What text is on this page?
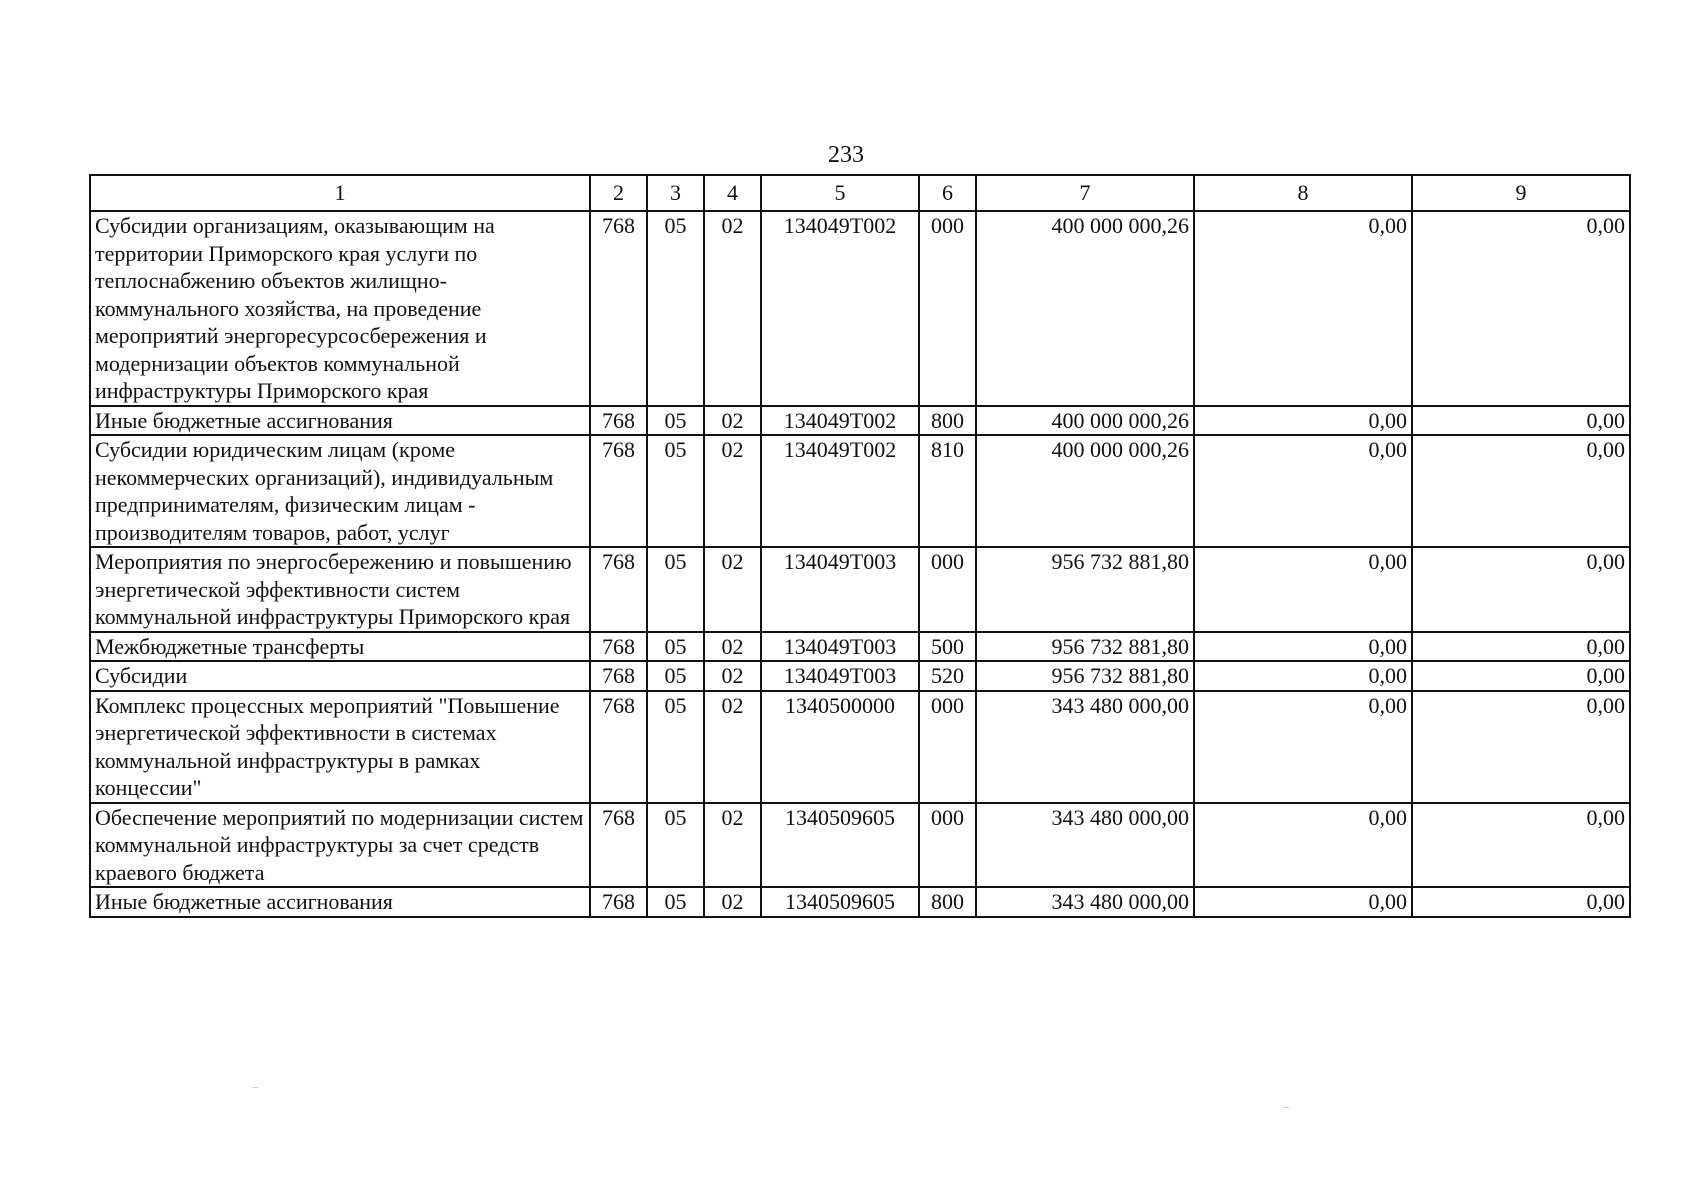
233
1	2	3	4	5	6	7	8	9
Субсидии организациям, оказывающим на территории Приморского края услуги по теплоснабжению объектов жилищно-коммунального хозяйства, на проведение мероприятий энергоресурсосбережения и модернизации объектов коммунальной инфраструктуры Приморского края	768	05	02	134049Т002	000	400 000 000,26	0,00	0,00
Иные бюджетные ассигнования	768	05	02	134049Т002	800	400 000 000,26	0,00	0,00
Субсидии юридическим лицам (кроме некоммерческих организаций), индивидуальным предпринимателям, физическим лицам - производителям товаров, работ, услуг	768	05	02	134049Т002	810	400 000 000,26	0,00	0,00
Мероприятия по энергосбережению и повышению энергетической эффективности систем коммунальной инфраструктуры Приморского края	768	05	02	134049Т003	000	956 732 881,80	0,00	0,00
Межбюджетные трансферты	768	05	02	134049Т003	500	956 732 881,80	0,00	0,00
Субсидии	768	05	02	134049Т003	520	956 732 881,80	0,00	0,00
Комплекс процессных мероприятий "Повышение энергетической эффективности в системах коммунальной инфраструктуры в рамках концессии"	768	05	02	1340500000	000	343 480 000,00	0,00	0,00
Обеспечение мероприятий по модернизации систем коммунальной инфраструктуры за счет средств краевого бюджета	768	05	02	1340509605	000	343 480 000,00	0,00	0,00
Иные бюджетные ассигнования	768	05	02	1340509605	800	343 480 000,00	0,00	0,00
